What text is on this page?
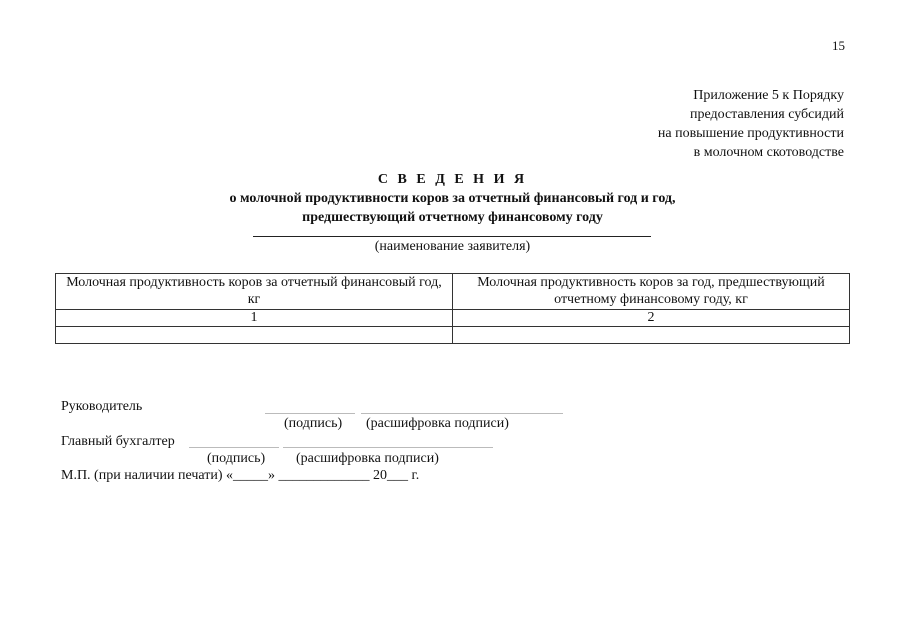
15
Приложение 5 к Порядку
предоставления субсидий
на повышение продуктивности
в молочном скотоводстве
С В Е Д Е Н И Я
о молочной продуктивности коров за отчетный финансовый год и год,
предшествующий отчетному финансовому году
(наименование заявителя)
Молочная продуктивность коров за отчетный финансовый год, кг	Молочная продуктивность коров за год, предшествующий отчетному финансовому году, кг
1	2

Руководитель
(подпись) (расшифровка подписи)
Главный бухгалтер
(подпись) (расшифровка подписи)
М.П. (при наличии печати) «_____» _____________ 20___ г.
